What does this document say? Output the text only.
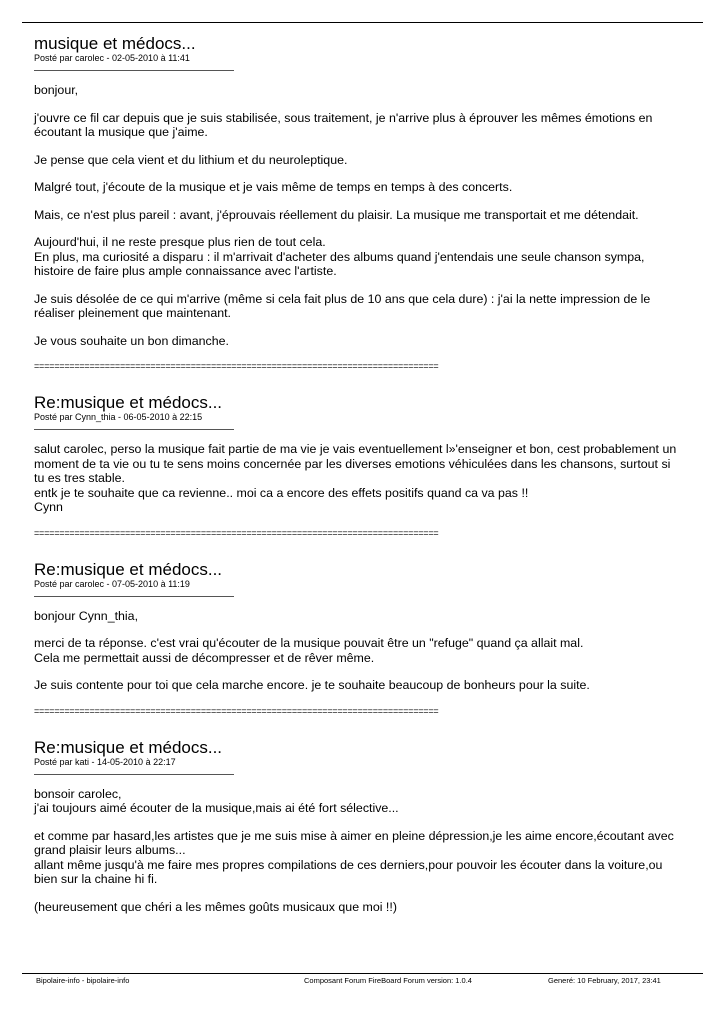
musique et médocs...

Posté par carolec - 02-05-2010 à 11:41

bonjour,

j'ouvre ce fil car depuis que je suis stabilisée, sous traitement, je n'arrive plus à éprouver les mêmes émotions en écoutant la musique que j'aime.

Je pense que cela vient et du lithium et du neuroleptique.

Malgré tout, j'écoute de la musique et je vais même de temps en temps à des concerts.

Mais, ce n'est plus pareil : avant, j'éprouvais réellement du plaisir. La musique me transportait et me détendait.

Aujourd'hui, il ne reste presque plus rien de tout cela.
En plus, ma curiosité a disparu : il m'arrivait d'acheter des albums quand j'entendais une seule chanson sympa, histoire de faire plus ample connaissance avec l'artiste.

Je suis désolée de ce qui m'arrive (même si cela fait plus de 10 ans que cela dure) : j'ai la nette impression de le réaliser pleinement que maintenant.

Je vous souhaite un bon dimanche.

================================================================================
Re:musique et médocs...

Posté par Cynn_thia - 06-05-2010 à 22:15

salut carolec, perso la musique fait partie de ma vie je vais eventuellement l»'enseigner et bon, cest probablement un moment de ta vie ou tu te sens moins concernée par les diverses emotions véhiculées dans les chansons, surtout si tu es tres stable.
entk je te souhaite que ca revienne.. moi ca a encore des effets positifs quand ca va pas !!
Cynn

================================================================================
Re:musique et médocs...

Posté par carolec - 07-05-2010 à 11:19

bonjour Cynn_thia,

merci de ta réponse. c'est vrai qu'écouter de la musique pouvait être un "refuge" quand ça allait mal.
Cela me permettait aussi de décompresser et de rêver même.

Je suis contente pour toi que cela marche encore. je te souhaite beaucoup de bonheurs pour la suite.

================================================================================
Re:musique et médocs...

Posté par kati - 14-05-2010 à 22:17

bonsoir carolec,
j'ai toujours aimé écouter de la musique,mais ai été fort sélective...

et comme par hasard,les artistes que je me suis mise à aimer en pleine dépression,je les aime encore,écoutant avec grand plaisir leurs albums...
allant même jusqu'à me faire mes propres compilations de ces derniers,pour pouvoir les écouter dans la voiture,ou bien sur la chaine hi fi.

(heureusement que chéri a les mêmes goûts musicaux que moi !!)

Bipolaire-info - bipolaire-info	Composant Forum FireBoard Forum version: 1.0.4	Generé: 10 February, 2017, 23:41
